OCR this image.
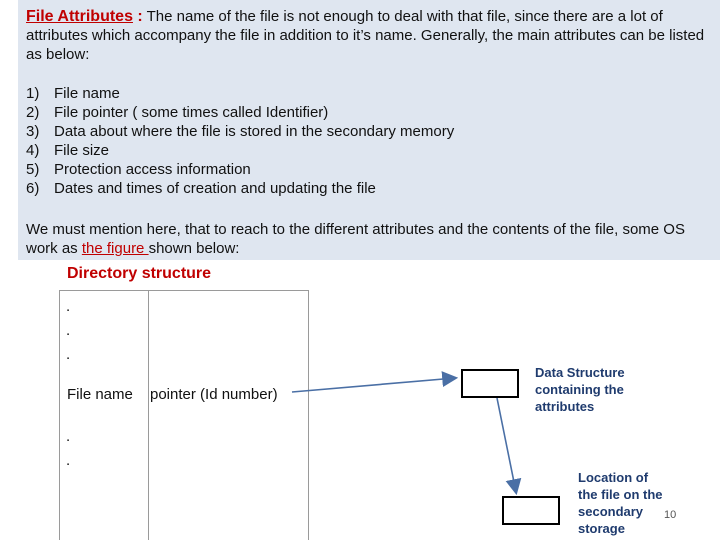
File Attributes : The name of the file is not enough to deal with that file, since there are a lot of attributes which accompany the file in addition to it’s name. Generally, the main attributes can be listed as below:
1) File name
2) File pointer ( some times called Identifier)
3) Data about where the file is stored in the secondary memory
4) File size
5) Protection access information
6) Dates and times of creation and updating the file
We must mention here, that to reach to the different attributes and the contents of the file, some OS work as the figure shown below:
Directory structure
.
.
.
.
.
File name pointer (Id number)
Data Structure
containing the
attributes
Location of
the file on the
secondary
storage
10
